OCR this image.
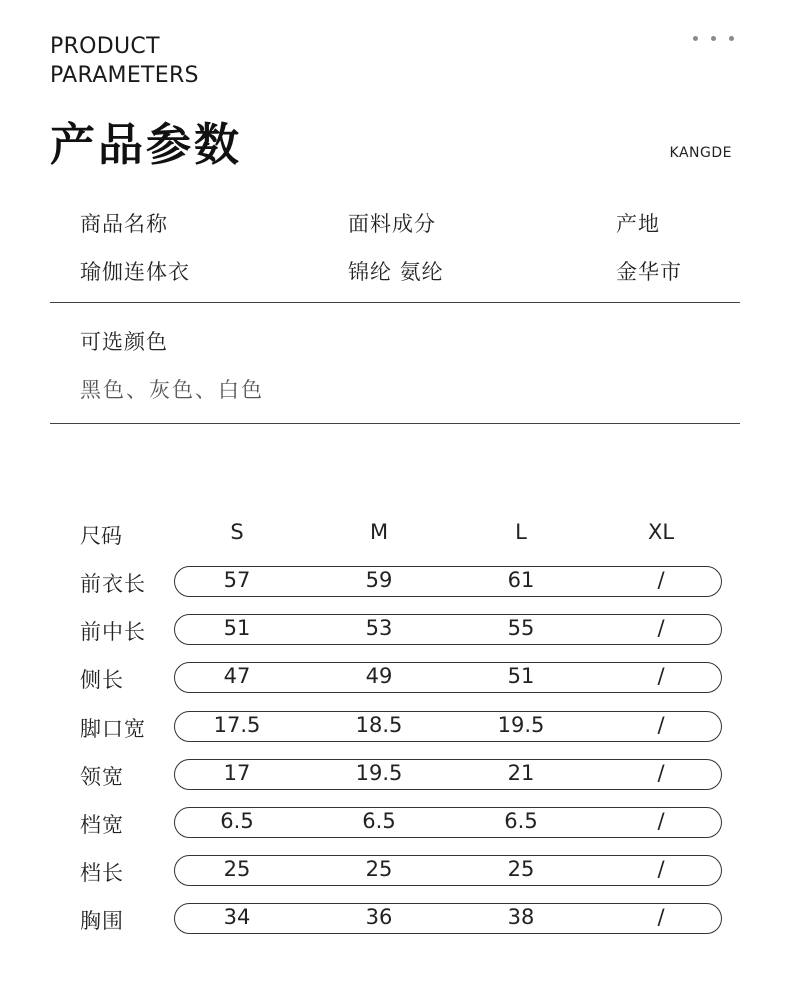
PRODUCT
PARAMETERS
产品参数	KANGDE
商品名称	面料成分	产地
瑜伽连体衣	锦纶 氨纶	金华市
可选颜色
黑色、灰色、白色
尺码	S	M	L	XL
前衣长	57	59	61	/
前中长	51	53	55	/
侧长	47	49	51	/
脚口宽	17.5	18.5	19.5	/
领宽	17	19.5	21	/
档宽	6.5	6.5	6.5	/
档长	25	25	25	/
胸围	34	36	38	/
